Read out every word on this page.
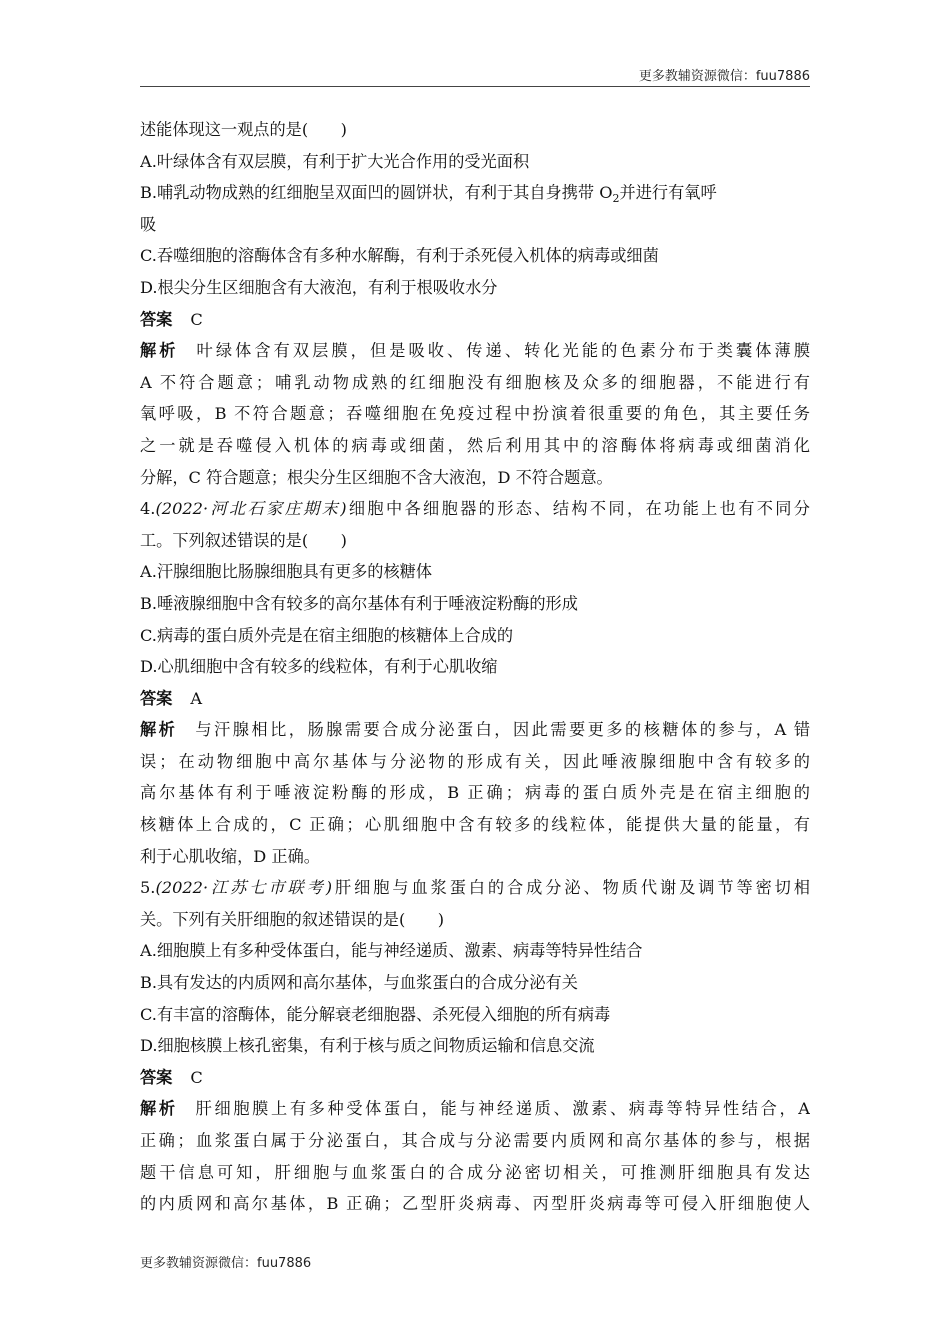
更多教辅资源微信：fuu7886
述能体现这一观点的是(　　)
A.叶绿体含有双层膜，有利于扩大光合作用的受光面积
B.哺乳动物成熟的红细胞呈双面凹的圆饼状，有利于其自身携带 $O_2$并进行有氧呼
吸
C.吞噬细胞的溶酶体含有多种水解酶，有利于杀死侵入机体的病毒或细菌
D.根尖分生区细胞含有大液泡，有利于根吸收水分
答案 C
解析 叶绿体含有双层膜，但是吸收、传递、转化光能的色素分布于类囊体薄膜
A 不符合题意；哺乳动物成熟的红细胞没有细胞核及众多的细胞器，不能进行有
氧呼吸，B 不符合题意；吞噬细胞在免疫过程中扮演着很重要的角色，其主要任务
之一就是吞噬侵入机体的病毒或细菌，然后利用其中的溶酶体将病毒或细菌消化
分解，C 符合题意；根尖分生区细胞不含大液泡，D 不符合题意。
4.(2022·河北石家庄期末)细胞中各细胞器的形态、结构不同，在功能上也有不同分
工。下列叙述错误的是(　　)
A.汗腺细胞比肠腺细胞具有更多的核糖体
B.唾液腺细胞中含有较多的高尔基体有利于唾液淀粉酶的形成
C.病毒的蛋白质外壳是在宿主细胞的核糖体上合成的
D.心肌细胞中含有较多的线粒体，有利于心肌收缩
答案 A
解析 与汗腺相比，肠腺需要合成分泌蛋白，因此需要更多的核糖体的参与，A 错
误；在动物细胞中高尔基体与分泌物的形成有关，因此唾液腺细胞中含有较多的
高尔基体有利于唾液淀粉酶的形成，B 正确；病毒的蛋白质外壳是在宿主细胞的
核糖体上合成的，C 正确；心肌细胞中含有较多的线粒体，能提供大量的能量，有
利于心肌收缩，D 正确。
5.(2022·江苏七市联考)肝细胞与血浆蛋白的合成分泌、物质代谢及调节等密切相
关。下列有关肝细胞的叙述错误的是(　　)
A.细胞膜上有多种受体蛋白，能与神经递质、激素、病毒等特异性结合
B.具有发达的内质网和高尔基体，与血浆蛋白的合成分泌有关
C.有丰富的溶酶体，能分解衰老细胞器、杀死侵入细胞的所有病毒
D.细胞核膜上核孔密集，有利于核与质之间物质运输和信息交流
答案 C
解析 肝细胞膜上有多种受体蛋白，能与神经递质、激素、病毒等特异性结合，A
正确；血浆蛋白属于分泌蛋白，其合成与分泌需要内质网和高尔基体的参与，根据
题干信息可知，肝细胞与血浆蛋白的合成分泌密切相关，可推测肝细胞具有发达
的内质网和高尔基体，B 正确；乙型肝炎病毒、丙型肝炎病毒等可侵入肝细胞使人
更多教辅资源微信：fuu7886
